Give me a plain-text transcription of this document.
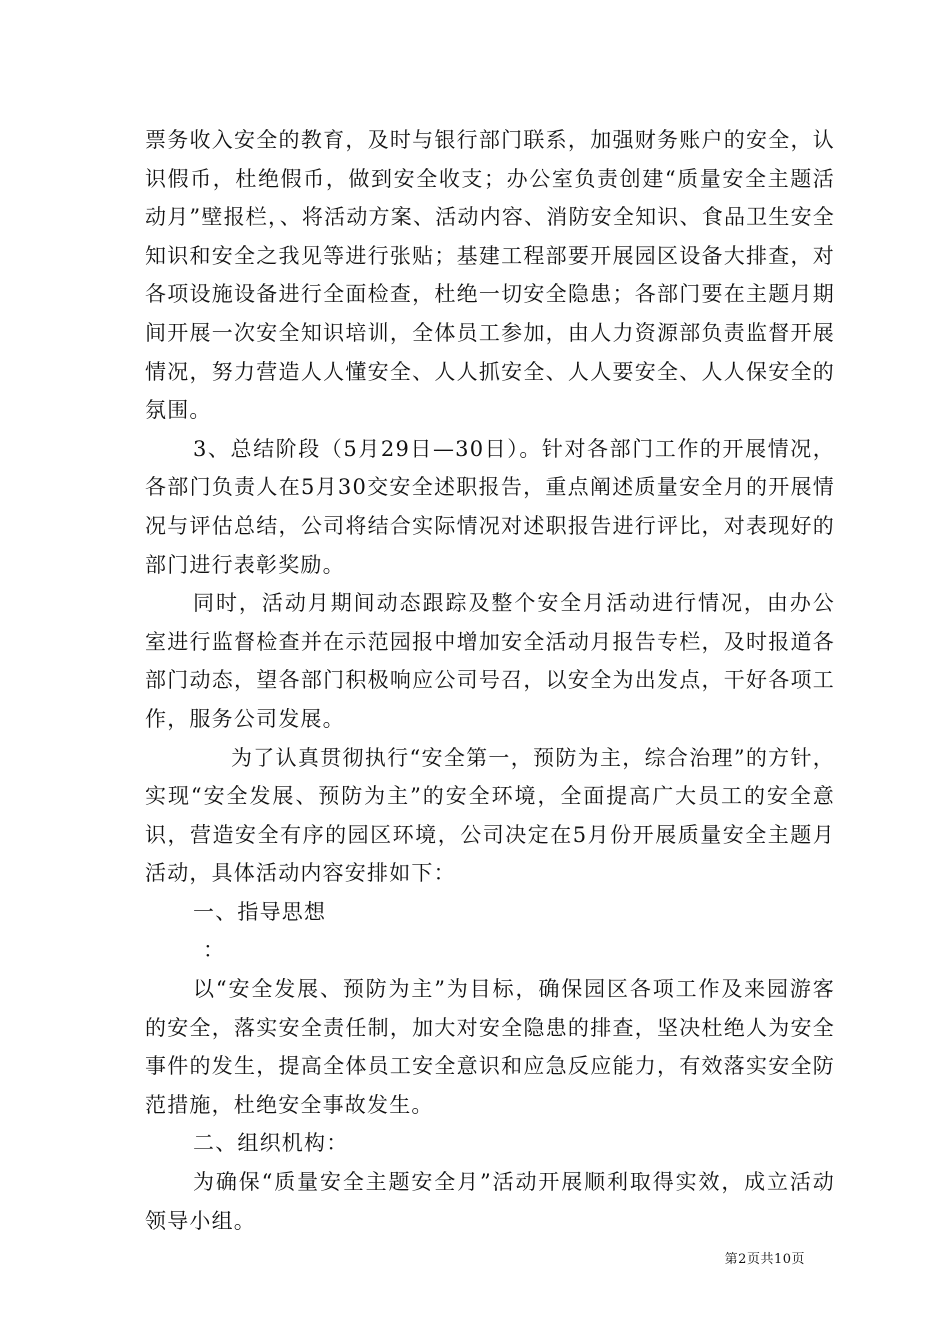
票务收入安全的教育，及时与银行部门联系，加强财务账户的安全，认识假币，杜绝假币，做到安全收支；办公室负责创建“质量安全主题活动月”壁报栏，、将活动方案、活动内容、消防安全知识、食品卫生安全知识和安全之我见等进行张贴；基建工程部要开展园区设备大排查，对各项设施设备进行全面检查，杜绝一切安全隐患；各部门要在主题月期间开展一次安全知识培训，全体员工参加，由人力资源部负责监督开展情况，努力营造人人懂安全、人人抓安全、人人要安全、人人保安全的氛围。

3、总结阶段（5月29日—30日）。针对各部门工作的开展情况，各部门负责人在5月30交安全述职报告，重点阐述质量安全月的开展情况与评估总结，公司将结合实际情况对述职报告进行评比，对表现好的部门进行表彰奖励。

同时，活动月期间动态跟踪及整个安全月活动进行情况，由办公室进行监督检查并在示范园报中增加安全活动月报告专栏，及时报道各部门动态，望各部门积极响应公司号召，以安全为出发点，干好各项工作，服务公司发展。

为了认真贯彻执行“安全第一，预防为主，综合治理”的方针，实现“安全发展、预防为主”的安全环境，全面提高广大员工的安全意识，营造安全有序的园区环境，公司决定在5月份开展质量安全主题月活动，具体活动内容安排如下：

一、指导思想

：

以“安全发展、预防为主”为目标，确保园区各项工作及来园游客的安全，落实安全责任制，加大对安全隐患的排查，坚决杜绝人为安全事件的发生，提高全体员工安全意识和应急反应能力，有效落实安全防范措施，杜绝安全事故发生。

二、组织机构：

为确保“质量安全主题安全月”活动开展顺利取得实效，成立活动领导小组。

第2页共10页
